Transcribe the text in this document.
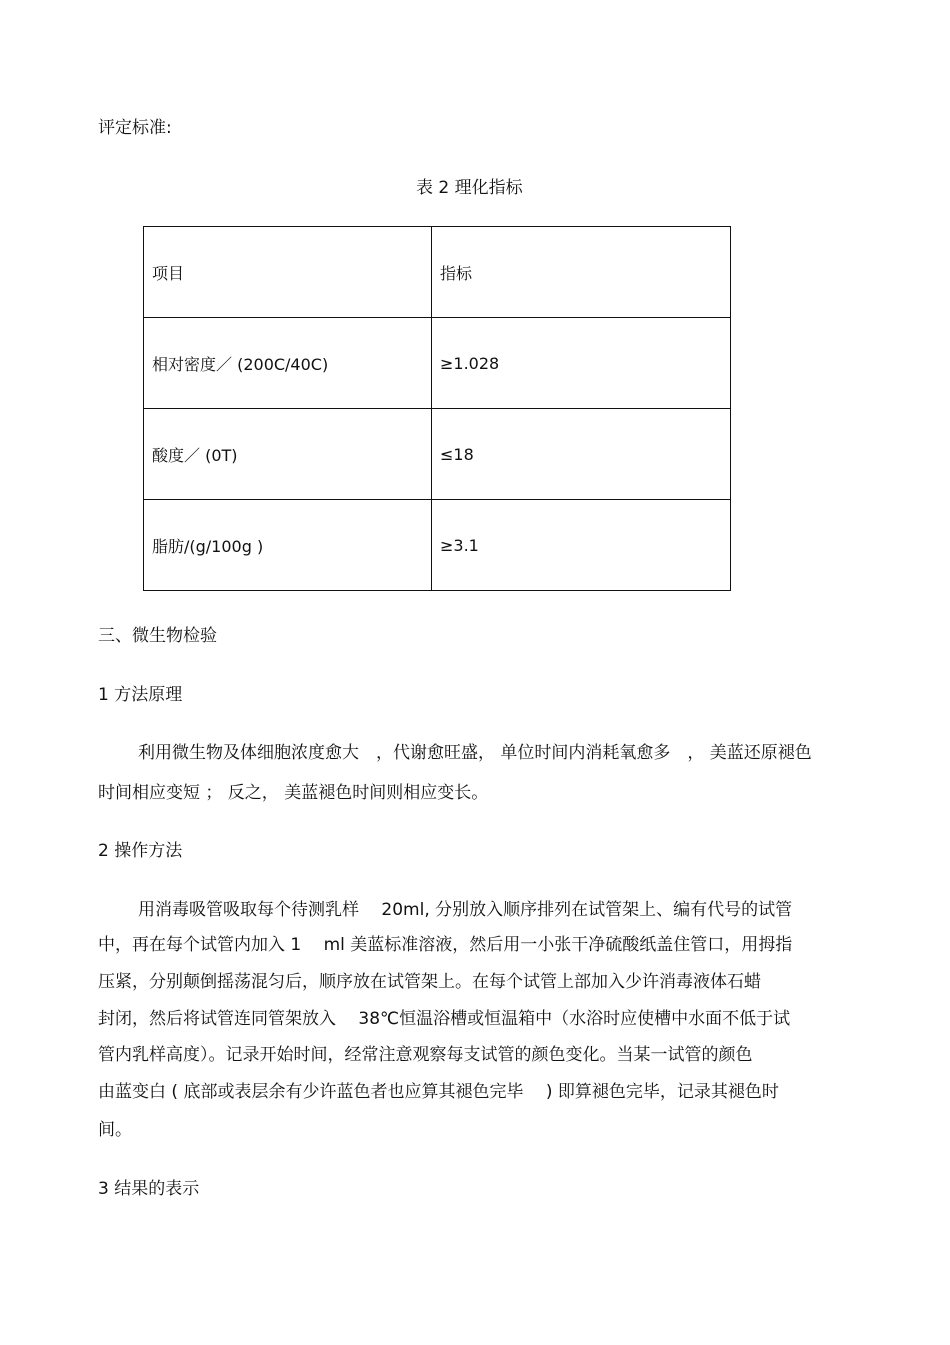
评定标准:
表 2 理化指标
项目	指标
相对密度／ (200C/40C)	≥1.028
酸度／ (0T)	≤18
脂肪/(g/100g )	≥3.1
三、微生物检验
1 方法原理
利用微生物及体细胞浓度愈大　，代谢愈旺盛， 单位时间内消耗氧愈多　， 美蓝还原褪色
时间相应变短 ； 反之， 美蓝褪色时间则相应变长。
2 操作方法
用消毒吸管吸取每个待测乳样　 20ml, 分别放入顺序排列在试管架上、编有代号的试管
中，再在每个试管内加入 1　 ml 美蓝标准溶液，然后用一小张干净硫酸纸盖住管口，用拇指
压紧，分别颠倒摇荡混匀后，顺序放在试管架上。在每个试管上部加入少许消毒液体石蜡
封闭，然后将试管连同管架放入　 38℃恒温浴槽或恒温箱中（水浴时应使槽中水面不低于试
管内乳样高度）。记录开始时间，经常注意观察每支试管的颜色变化。当某一试管的颜色
由蓝变白 ( 底部或表层余有少许蓝色者也应算其褪色完毕　 ) 即算褪色完毕，记录其褪色时
间。
3 结果的表示
